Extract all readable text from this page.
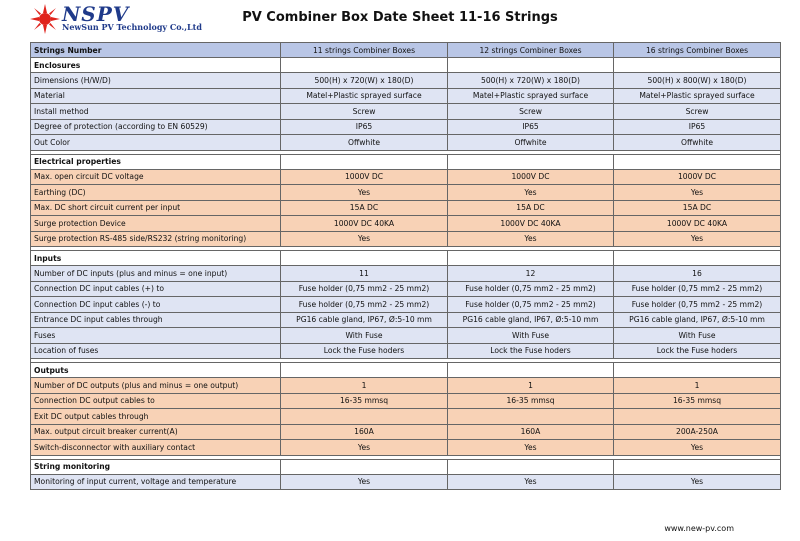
NSPV
NewSun PV Technology Co.,Ltd
PV Combiner Box Date Sheet 11-16 Strings
Strings Number	11 strings Combiner Boxes	12 strings Combiner Boxes	16 strings Combiner Boxes
Enclosures			
Dimensions (H/W/D)	500(H) x 720(W) x 180(D)	500(H) x 720(W) x 180(D)	500(H) x 800(W) x 180(D)
Material	Matel+Plastic sprayed surface	Matel+Plastic sprayed surface	Matel+Plastic sprayed surface
Install method	Screw	Screw	Screw
Degree of protection (according to EN 60529)	IP65	IP65	IP65
Out Color	Offwhite	Offwhite	Offwhite

Electrical properties			
Max. open circuit DC voltage	1000V DC	1000V DC	1000V DC
Earthing (DC)	Yes	Yes	Yes
Max. DC short circuit current per input	15A DC	15A DC	15A DC
Surge protection Device	1000V DC 40KA	1000V DC 40KA	1000V DC 40KA
Surge protection RS-485 side/RS232 (string monitoring)	Yes	Yes	Yes

Inputs			
Number of DC inputs (plus and minus = one input)	11	12	16
Connection DC input cables (+) to	Fuse holder (0,75 mm2 - 25 mm2)	Fuse holder (0,75 mm2 - 25 mm2)	Fuse holder (0,75 mm2 - 25 mm2)
Connection DC input cables (-) to	Fuse holder (0,75 mm2 - 25 mm2)	Fuse holder (0,75 mm2 - 25 mm2)	Fuse holder (0,75 mm2 - 25 mm2)
Entrance DC input cables through	PG16 cable gland, IP67, Ø:5-10 mm	PG16 cable gland, IP67, Ø:5-10 mm	PG16 cable gland, IP67, Ø:5-10 mm
Fuses	With Fuse	With Fuse	With Fuse
Location of fuses	Lock the Fuse hoders	Lock the Fuse hoders	Lock the Fuse hoders

Outputs			
Number of DC outputs (plus and minus = one output)	1	1	1
Connection DC output cables to	16-35 mmsq	16-35 mmsq	16-35 mmsq
Exit DC output cables through			
Max. output circuit breaker current(A)	160A	160A	200A-250A
Switch-disconnector with auxiliary contact	Yes	Yes	Yes

String monitoring			
Monitoring of input current, voltage and temperature	Yes	Yes	Yes
www.new-pv.com
